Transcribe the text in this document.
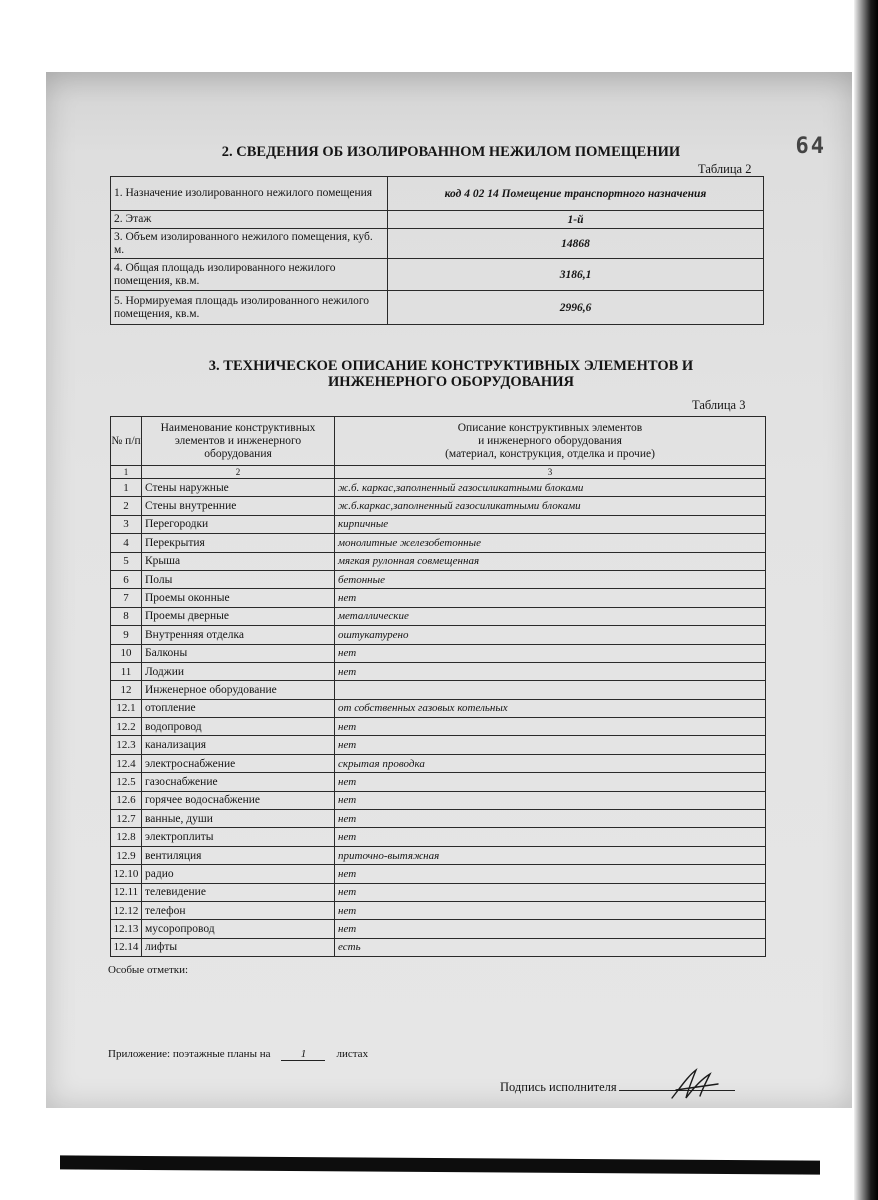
64
2. СВЕДЕНИЯ ОБ ИЗОЛИРОВАННОМ НЕЖИЛОМ ПОМЕЩЕНИИ
Таблица 2
1. Назначение изолированного нежилого помещения	код 4 02 14 Помещение транспортного назначения
2. Этаж	1-й
3. Объем изолированного нежилого помещения, куб. м.	14868
4. Общая площадь изолированного нежилого помещения, кв.м.	3186,1
5. Нормируемая площадь изолированного нежилого помещения, кв.м.	2996,6
3. ТЕХНИЧЕСКОЕ ОПИСАНИЕ КОНСТРУКТИВНЫХ ЭЛЕМЕНТОВ И
ИНЖЕНЕРНОГО ОБОРУДОВАНИЯ
Таблица 3
№ п/п	Наименование конструктивных элементов и инженерного оборудования	Описание конструктивных элементов
и инженерного оборудования
(материал, конструкция, отделка и прочие)

1	2	3
1	Стены наружные	ж.б. каркас,заполненный газосиликатными блоками
2	Стены внутренние	ж.б.каркас,заполненный газосиликатными блоками
3	Перегородки	кирпичные
4	Перекрытия	монолитные железобетонные
5	Крыша	мягкая рулонная совмещенная
6	Полы	бетонные
7	Проемы оконные	нет
8	Проемы дверные	металлические
9	Внутренняя отделка	оштукатурено
10	Балконы	нет
11	Лоджии	нет
12	Инженерное оборудование	
12.1	отопление	от собственных газовых котельных
12.2	водопровод	нет
12.3	канализация	нет
12.4	электроснабжение	скрытая проводка
12.5	газоснабжение	нет
12.6	горячее водоснабжение	нет
12.7	ванные, души	нет
12.8	электроплиты	нет
12.9	вентиляция	приточно-вытяжная
12.10	радио	нет
12.11	телевидение	нет
12.12	телефон	нет
12.13	мусоропровод	нет
12.14	лифты	есть
Особые отметки:
Приложение: поэтажные планы на	1	листах
Подпись исполнителя
